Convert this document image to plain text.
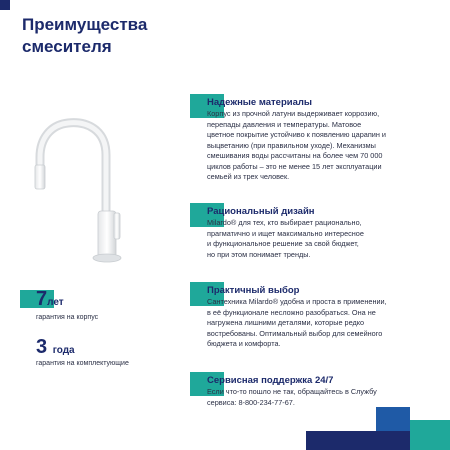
Преимущества
смесителя
7лет
гарантия на корпус
3 года
гарантия на комплектующие
Надежные материалы

Корпус из прочной латуни выдерживает коррозию,
перепады давления и температуры. Матовое
цветное покрытие устойчиво к появлению царапин и
выцветанию (при правильном уходе). Механизмы
смешивания воды рассчитаны на более чем 70 000
циклов работы – это не менее 15 лет эксплуатации
семьей из трех человек.

Рациональный дизайн

Milardo® для тех, кто выбирает рационально,
прагматично и ищет максимально интересное
и функциональное решение за свой бюджет,
но при этом понимает тренды.

Практичный выбор

Сантехника Milardo® удобна и проста в применении,
в её функционале несложно разобраться. Она не
нагружена лишними деталями, которые редко
востребованы. Оптимальный выбор для семейного
бюджета и комфорта.

Сервисная поддержка 24/7

Если что-то пошло не так, обращайтесь в Службу
сервиса: 8-800-234-77-67.
